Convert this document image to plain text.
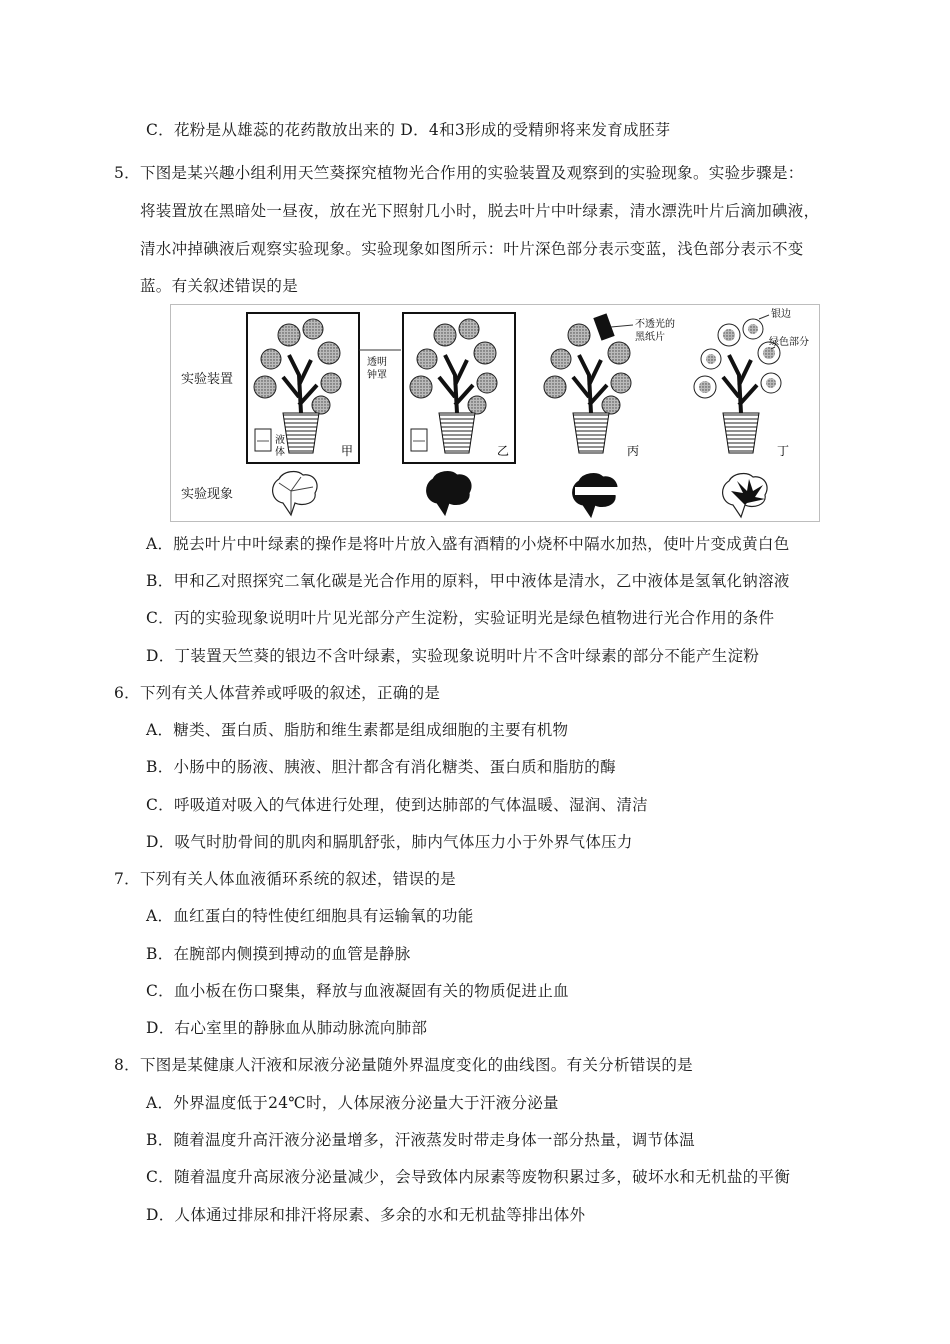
C．花粉是从雄蕊的花药散放出来的 D．4和3形成的受精卵将来发育成胚芽
5．下图是某兴趣小组利用天竺葵探究植物光合作用的实验装置及观察到的实验现象。实验步骤是：
将装置放在黑暗处一昼夜，放在光下照射几小时，脱去叶片中叶绿素，清水漂洗叶片后滴加碘液，
清水冲掉碘液后观察实验现象。实验现象如图所示：叶片深色部分表示变蓝，浅色部分表示不变
蓝。有关叙述错误的是
实验装置
实验现象
液
体	甲
透明
钟罩
乙
不透光的
黑纸片
丙
银边
绿色部分
丁
A．脱去叶片中叶绿素的操作是将叶片放入盛有酒精的小烧杯中隔水加热，使叶片变成黄白色
B．甲和乙对照探究二氧化碳是光合作用的原料，甲中液体是清水，乙中液体是氢氧化钠溶液
C．丙的实验现象说明叶片见光部分产生淀粉，实验证明光是绿色植物进行光合作用的条件
D．丁装置天竺葵的银边不含叶绿素，实验现象说明叶片不含叶绿素的部分不能产生淀粉
6．下列有关人体营养或呼吸的叙述，正确的是
A．糖类、蛋白质、脂肪和维生素都是组成细胞的主要有机物
B．小肠中的肠液、胰液、胆汁都含有消化糖类、蛋白质和脂肪的酶
C．呼吸道对吸入的气体进行处理，使到达肺部的气体温暖、湿润、清洁
D．吸气时肋骨间的肌肉和膈肌舒张，肺内气体压力小于外界气体压力
7．下列有关人体血液循环系统的叙述，错误的是
A．血红蛋白的特性使红细胞具有运输氧的功能
B．在腕部内侧摸到搏动的血管是静脉
C．血小板在伤口聚集，释放与血液凝固有关的物质促进止血
D．右心室里的静脉血从肺动脉流向肺部
8．下图是某健康人汗液和尿液分泌量随外界温度变化的曲线图。有关分析错误的是
A．外界温度低于24℃时，人体尿液分泌量大于汗液分泌量
B．随着温度升高汗液分泌量增多，汗液蒸发时带走身体一部分热量，调节体温
C．随着温度升高尿液分泌量减少，会导致体内尿素等废物积累过多，破坏水和无机盐的平衡
D．人体通过排尿和排汗将尿素、多余的水和无机盐等排出体外
